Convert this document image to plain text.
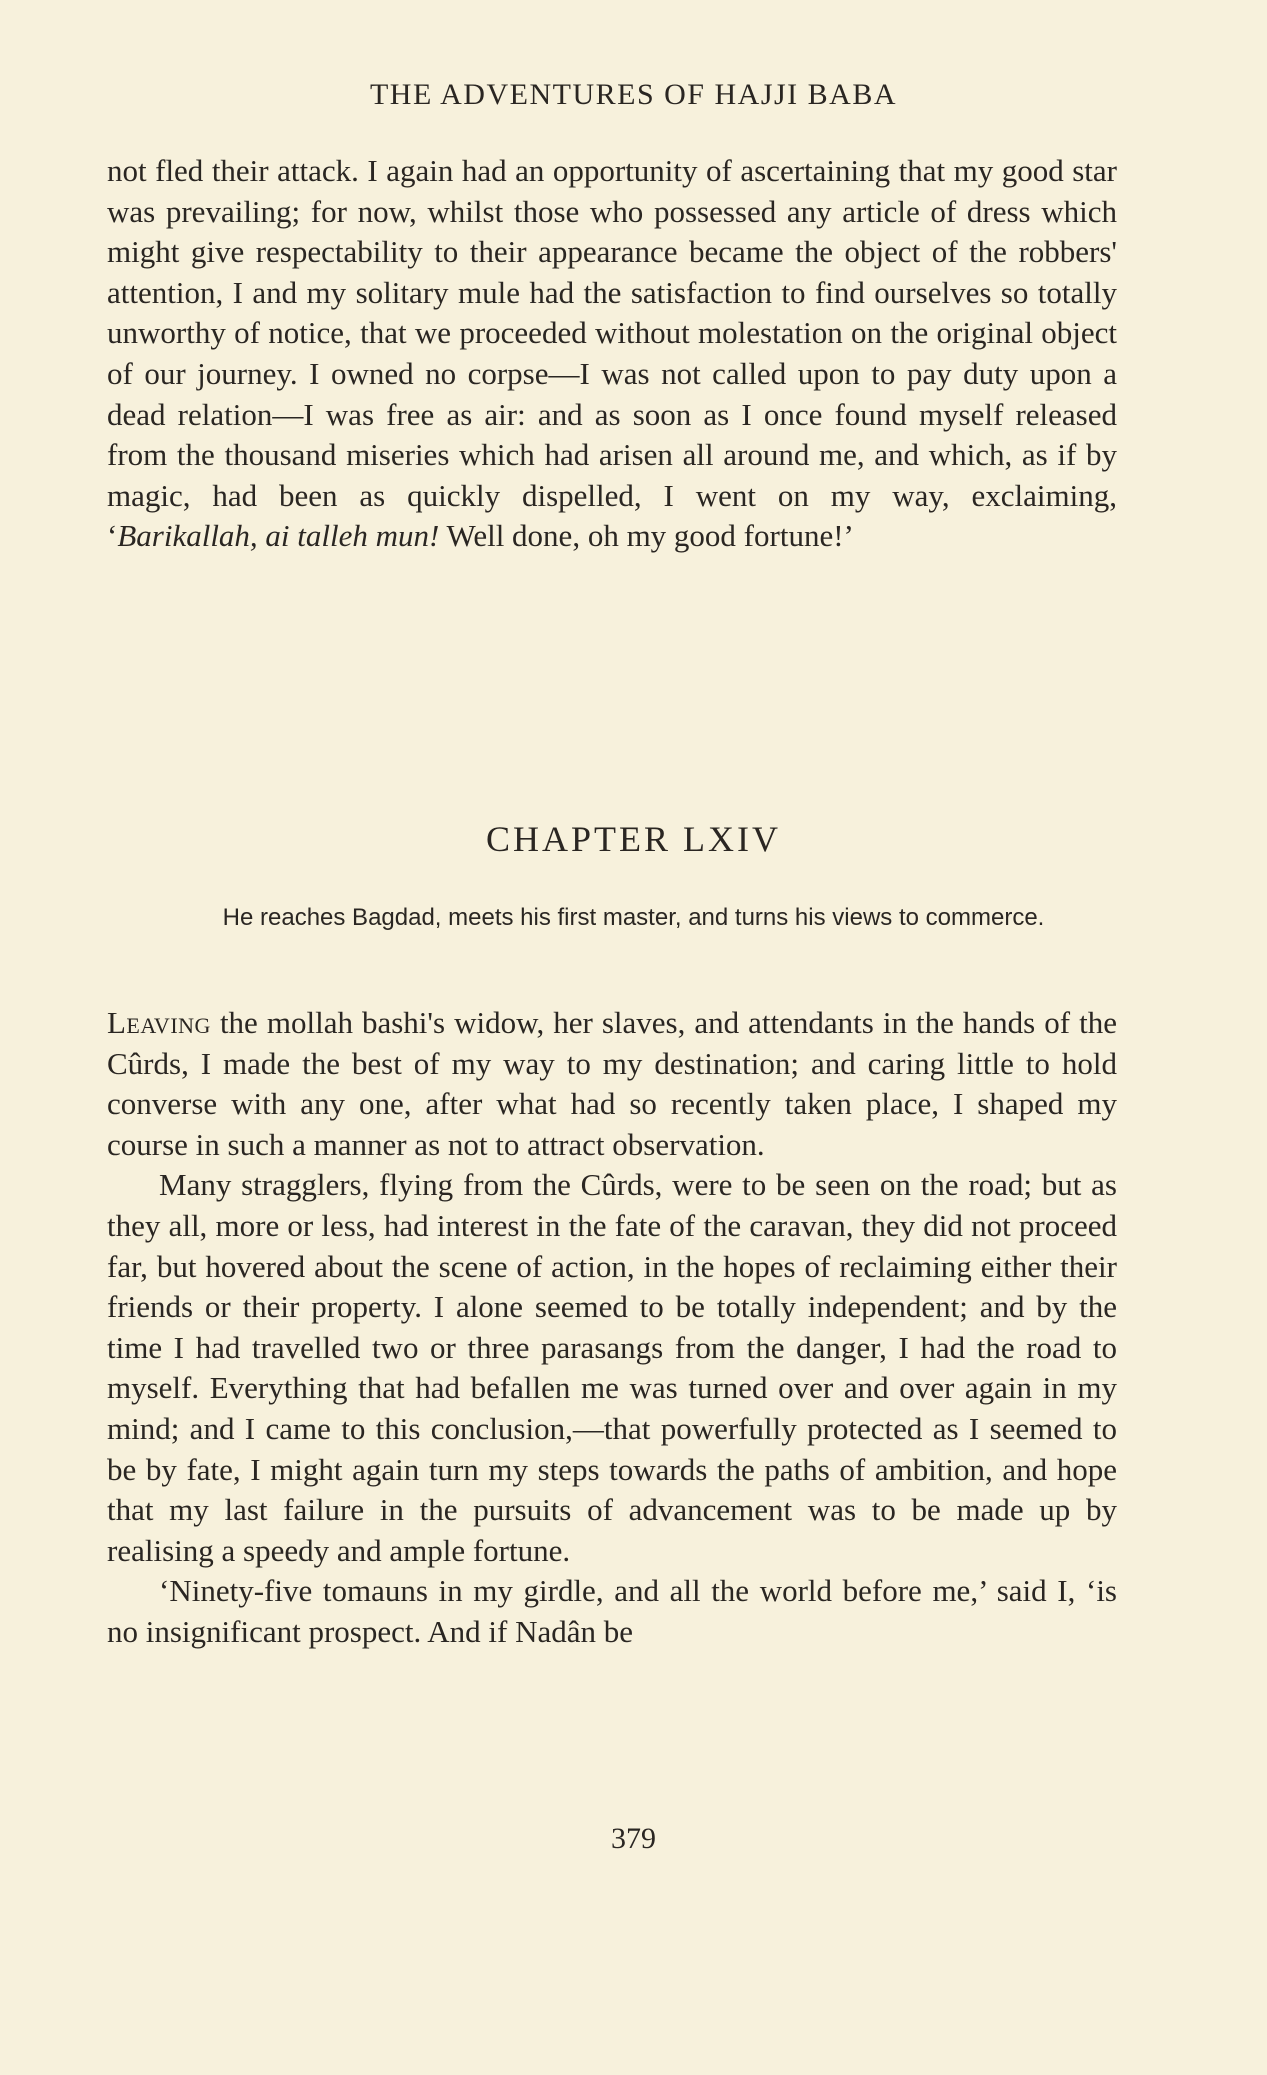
THE ADVENTURES OF HAJJI BABA

not fled their attack. I again had an opportunity of ascertaining that my good star was prevailing; for now, whilst those who possessed any article of dress which might give respectability to their appearance became the object of the robbers' attention, I and my solitary mule had the satisfaction to find ourselves so totally unworthy of notice, that we proceeded without molestation on the original object of our journey. I owned no corpse—I was not called upon to pay duty upon a dead relation—I was free as air: and as soon as I once found myself released from the thousand miseries which had arisen all around me, and which, as if by magic, had been as quickly dispelled, I went on my way, exclaiming, ‘Barikallah, ai talleh mun! Well done, oh my good fortune!’

CHAPTER LXIV
He reaches Bagdad, meets his first master, and turns his views to commerce.

Leaving the mollah bashi's widow, her slaves, and attendants in the hands of the Cûrds, I made the best of my way to my destination; and caring little to hold converse with any one, after what had so recently taken place, I shaped my course in such a manner as not to attract observation.

Many stragglers, flying from the Cûrds, were to be seen on the road; but as they all, more or less, had interest in the fate of the caravan, they did not proceed far, but hovered about the scene of action, in the hopes of reclaiming either their friends or their property. I alone seemed to be totally independent; and by the time I had travelled two or three parasangs from the danger, I had the road to myself. Everything that had befallen me was turned over and over again in my mind; and I came to this conclusion,—that powerfully protected as I seemed to be by fate, I might again turn my steps towards the paths of ambition, and hope that my last failure in the pursuits of advancement was to be made up by realising a speedy and ample fortune.

‘Ninety-five tomauns in my girdle, and all the world before me,’ said I, ‘is no insignificant prospect. And if Nadân be

379
